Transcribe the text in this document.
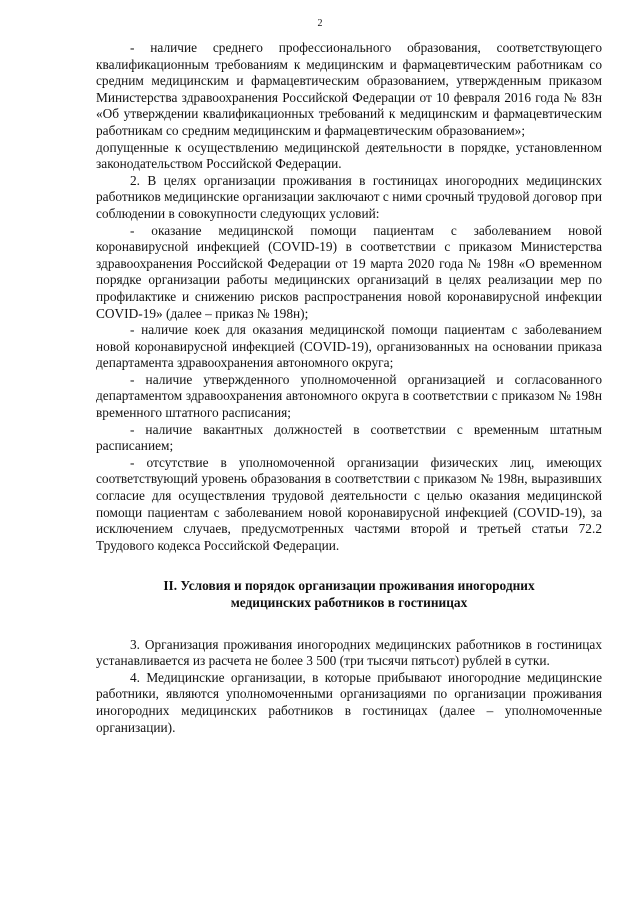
2

- наличие среднего профессионального образования, соответствующего квалификационным требованиям к медицинским и фармацевтическим работникам со средним медицинским и фармацевтическим образованием, утвержденным приказом Министерства здравоохранения Российской Федерации от 10 февраля 2016 года № 83н «Об утверждении квалификационных требований к медицинским и фармацевтическим работникам со средним медицинским и фармацевтическим образованием»;

допущенные к осуществлению медицинской деятельности в порядке, установленном законодательством Российской Федерации.

2. В целях организации проживания в гостиницах иногородних медицинских работников медицинские организации заключают с ними срочный трудовой договор при соблюдении в совокупности следующих условий:

- оказание медицинской помощи пациентам с заболеванием новой коронавирусной инфекцией (COVID-19) в соответствии с приказом Министерства здравоохранения Российской Федерации от 19 марта 2020 года № 198н «О временном порядке организации работы медицинских организаций в целях реализации мер по профилактике и снижению рисков распространения новой коронавирусной инфекции COVID-19» (далее – приказ № 198н);

- наличие коек для оказания медицинской помощи пациентам с заболеванием новой коронавирусной инфекцией (COVID-19), организованных на основании приказа департамента здравоохранения автономного округа;

- наличие утвержденного уполномоченной организацией и согласованного департаментом здравоохранения автономного округа в соответствии с приказом № 198н временного штатного расписания;

- наличие вакантных должностей в соответствии с временным штатным расписанием;

- отсутствие в уполномоченной организации физических лиц, имеющих соответствующий уровень образования в соответствии с приказом № 198н, выразивших согласие для осуществления трудовой деятельности с целью оказания медицинской помощи пациентам с заболеванием новой коронавирусной инфекцией (COVID-19), за исключением случаев, предусмотренных частями второй и третьей статьи 72.2 Трудового кодекса Российской Федерации.

II. Условия и порядок организации проживания иногородних
медицинских работников в гостиницах

3. Организация проживания иногородних медицинских работников в гостиницах устанавливается из расчета не более 3 500 (три тысячи пятьсот) рублей в сутки.

4. Медицинские организации, в которые прибывают иногородние медицинские работники, являются уполномоченными организациями по организации проживания иногородних медицинских работников в гостиницах (далее – уполномоченные организации).
